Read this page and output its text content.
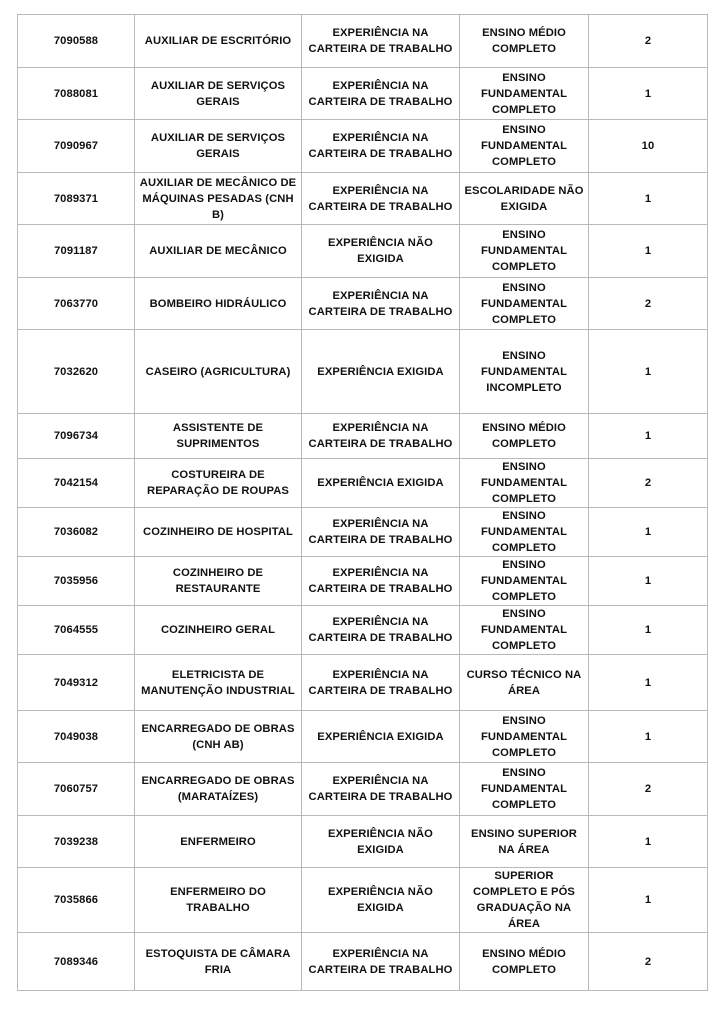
7090588	AUXILIAR DE ESCRITÓRIO	EXPERIÊNCIA NA CARTEIRA DE TRABALHO	ENSINO MÉDIO COMPLETO	2

7088081	AUXILIAR DE SERVIÇOS GERAIS	EXPERIÊNCIA NA CARTEIRA DE TRABALHO	ENSINO FUNDAMENTAL COMPLETO	1

7090967	AUXILIAR DE SERVIÇOS GERAIS	EXPERIÊNCIA NA CARTEIRA DE TRABALHO	ENSINO FUNDAMENTAL COMPLETO	10

7089371	AUXILIAR DE MECÂNICO DE MÁQUINAS PESADAS (CNH B)	EXPERIÊNCIA NA CARTEIRA DE TRABALHO	ESCOLARIDADE NÃO EXIGIDA	1

7091187	AUXILIAR DE MECÂNICO	EXPERIÊNCIA NÃO EXIGIDA	ENSINO FUNDAMENTAL COMPLETO	1

7063770	BOMBEIRO HIDRÁULICO	EXPERIÊNCIA NA CARTEIRA DE TRABALHO	ENSINO FUNDAMENTAL COMPLETO	2

7032620	CASEIRO (AGRICULTURA)	EXPERIÊNCIA EXIGIDA	ENSINO FUNDAMENTAL INCOMPLETO	1

7096734	ASSISTENTE DE SUPRIMENTOS	EXPERIÊNCIA NA CARTEIRA DE TRABALHO	ENSINO MÉDIO COMPLETO	1

7042154	COSTUREIRA DE REPARAÇÃO DE ROUPAS	EXPERIÊNCIA EXIGIDA	ENSINO FUNDAMENTAL COMPLETO	2

7036082	COZINHEIRO DE HOSPITAL	EXPERIÊNCIA NA CARTEIRA DE TRABALHO	ENSINO FUNDAMENTAL COMPLETO	1

7035956	COZINHEIRO DE RESTAURANTE	EXPERIÊNCIA NA CARTEIRA DE TRABALHO	ENSINO FUNDAMENTAL COMPLETO	1

7064555	COZINHEIRO GERAL	EXPERIÊNCIA NA CARTEIRA DE TRABALHO	ENSINO FUNDAMENTAL COMPLETO	1

7049312	ELETRICISTA DE MANUTENÇÃO INDUSTRIAL	EXPERIÊNCIA NA CARTEIRA DE TRABALHO	CURSO TÉCNICO NA ÁREA	1

7049038	ENCARREGADO DE OBRAS (CNH AB)	EXPERIÊNCIA EXIGIDA	ENSINO FUNDAMENTAL COMPLETO	1

7060757	ENCARREGADO DE OBRAS (MARATAÍZES)	EXPERIÊNCIA NA CARTEIRA DE TRABALHO	ENSINO FUNDAMENTAL COMPLETO	2

7039238	ENFERMEIRO	EXPERIÊNCIA NÃO EXIGIDA	ENSINO SUPERIOR NA ÁREA	1

7035866	ENFERMEIRO DO TRABALHO	EXPERIÊNCIA NÃO EXIGIDA	SUPERIOR COMPLETO E PÓS GRADUAÇÃO NA ÁREA	1

7089346	ESTOQUISTA DE CÂMARA FRIA	EXPERIÊNCIA NA CARTEIRA DE TRABALHO	ENSINO MÉDIO COMPLETO	2
